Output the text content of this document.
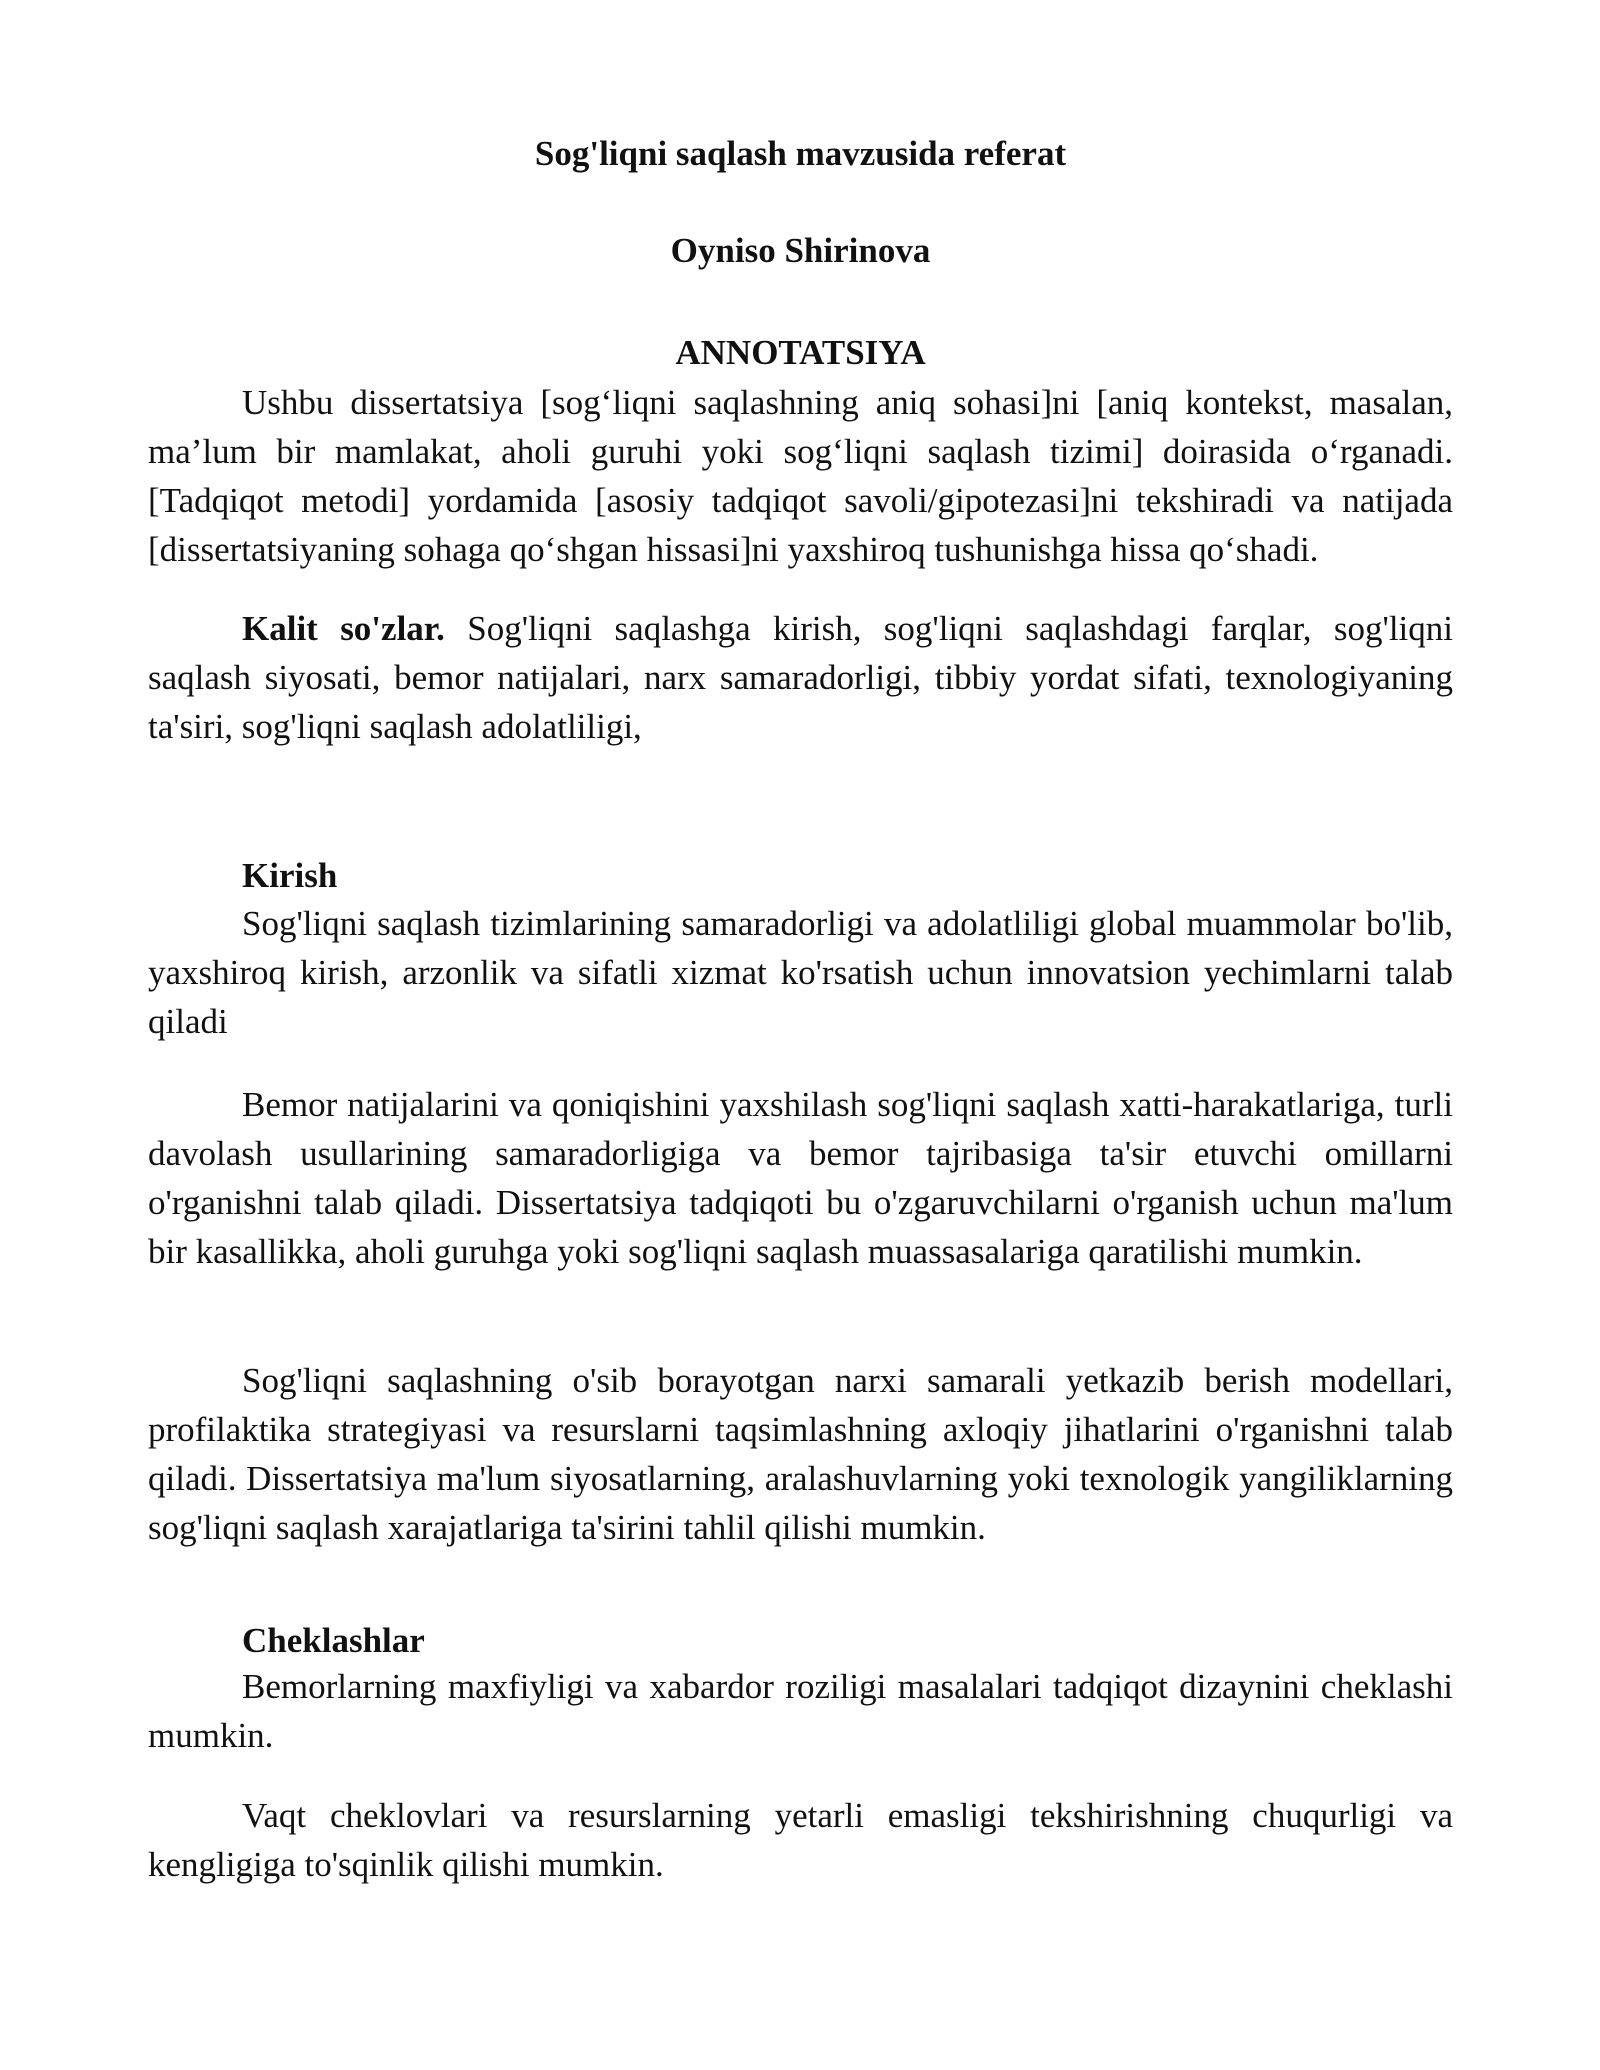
Sog'liqni saqlash mavzusida referat
Oyniso Shirinova
ANNOTATSIYA

Ushbu dissertatsiya [sog‘liqni saqlashning aniq sohasi]ni [aniq kontekst, masalan, ma’lum bir mamlakat, aholi guruhi yoki sog‘liqni saqlash tizimi] doirasida o‘rganadi. [Tadqiqot metodi] yordamida [asosiy tadqiqot savoli/gipotezasi]ni tekshiradi va natijada [dissertatsiyaning sohaga qo‘shgan hissasi]ni yaxshiroq tushunishga hissa qo‘shadi.

Kalit so'zlar. Sog'liqni saqlashga kirish, sog'liqni saqlashdagi farqlar, sog'liqni saqlash siyosati, bemor natijalari, narx samaradorligi, tibbiy yordat sifati, texnologiyaning ta'siri, sog'liqni saqlash adolatliligi,

Kirish

Sog'liqni saqlash tizimlarining samaradorligi va adolatliligi global muammolar bo'lib, yaxshiroq kirish, arzonlik va sifatli xizmat ko'rsatish uchun innovatsion yechimlarni talab qiladi

Bemor natijalarini va qoniqishini yaxshilash sog'liqni saqlash xatti-harakatlariga, turli davolash usullarining samaradorligiga va bemor tajribasiga ta'sir etuvchi omillarni o'rganishni talab qiladi. Dissertatsiya tadqiqoti bu o'zgaruvchilarni o'rganish uchun ma'lum bir kasallikka, aholi guruhga yoki sog'liqni saqlash muassasalariga qaratilishi mumkin.

Sog'liqni saqlashning o'sib borayotgan narxi samarali yetkazib berish modellari, profilaktika strategiyasi va resurslarni taqsimlashning axloqiy jihatlarini o'rganishni talab qiladi. Dissertatsiya ma'lum siyosatlarning, aralashuvlarning yoki texnologik yangiliklarning sog'liqni saqlash xarajatlariga ta'sirini tahlil qilishi mumkin.

Cheklashlar

Bemorlarning maxfiyligi va xabardor roziligi masalalari tadqiqot dizaynini cheklashi mumkin.

Vaqt cheklovlari va resurslarning yetarli emasligi tekshirishning chuqurligi va kengligiga to'sqinlik qilishi mumkin.
